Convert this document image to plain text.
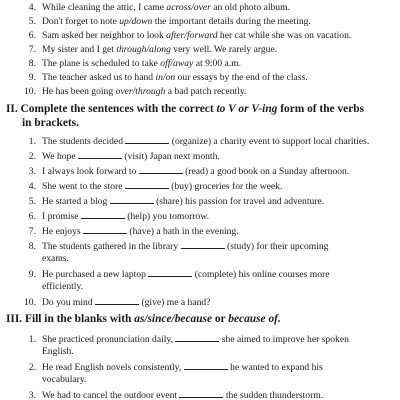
4. While cleaning the attic, I came across/over an old photo album.
5. Don't forget to note up/down the important details during the meeting.
6. Sam asked her neighbor to look after/forward her cat while she was on vacation.
7. My sister and I get through/along very well. We rarely argue.
8. The plane is scheduled to take off/away at 9:00 a.m.
9. The teacher asked us to hand in/on our essays by the end of the class.
10. He has been going over/through a bad patch recently.
II. Complete the sentences with the correct to V or V-ing form of the verbs
in brackets.
1. The students decided	(organize) a charity event to support local charities.
2. We hope	(visit) Japan next month.
3. I always look forward to	(read) a good book on a Sunday afternoon.
4. She went to the store	(buy) groceries for the week.
5. He started a blog	(share) his passion for travel and adventure.
6. I promise	(help) you tomorrow.
7. He enjoys	(have) a bath in the evening.
8. The students gathered in the library	(study) for their upcoming
exams.
9. He purchased a new laptop	(complete) his online courses more
efficiently.
10. Do you mind	(give) me a hand?
III. Fill in the blanks with as/since/because or because of.
1. She practiced pronunciation daily,	she aimed to improve her spoken
English.
2. He read English novels consistently,	he wanted to expand his
vocabulary.
3. We had to cancel the outdoor event	the sudden thunderstorm.
